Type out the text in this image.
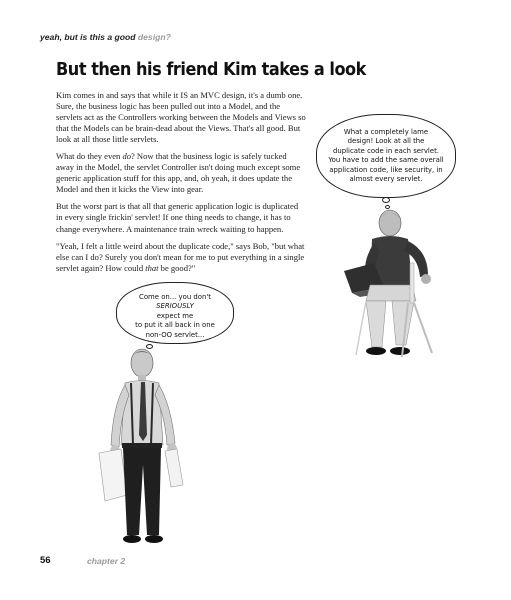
yeah, but is this a good design?
But then his friend Kim takes a look

Kim comes in and says that while it IS an MVC design, it's a dumb one. Sure, the business logic has been pulled out into a Model, and the servlets act as the Controllers working between the Models and Views so that the Models can be brain-dead about the Views. That's all good. But look at all those little servlets.

What do they even do? Now that the business logic is safely tucked away in the Model, the servlet Controller isn't doing much except some generic application stuff for this app, and, oh yeah, it does update the Model and then it kicks the View into gear.

But the worst part is that all that generic application logic is duplicated in every single frickin' servlet! If one thing needs to change, it has to change everywhere. A maintenance train wreck waiting to happen.

"Yeah, I felt a little weird about the duplicate code," says Bob, "but what else can I do? Surely you don't mean for me to put everything in a single servlet again? How could that be good?"

What a completely lame
design! Look at all the
duplicate code in each servlet.
You have to add the same overall
application code, like security, in
almost every servlet.
Come on... you don't
SERIOUSLY
expect me
to put it all back in one
non-OO servlet...
56	chapter 2
